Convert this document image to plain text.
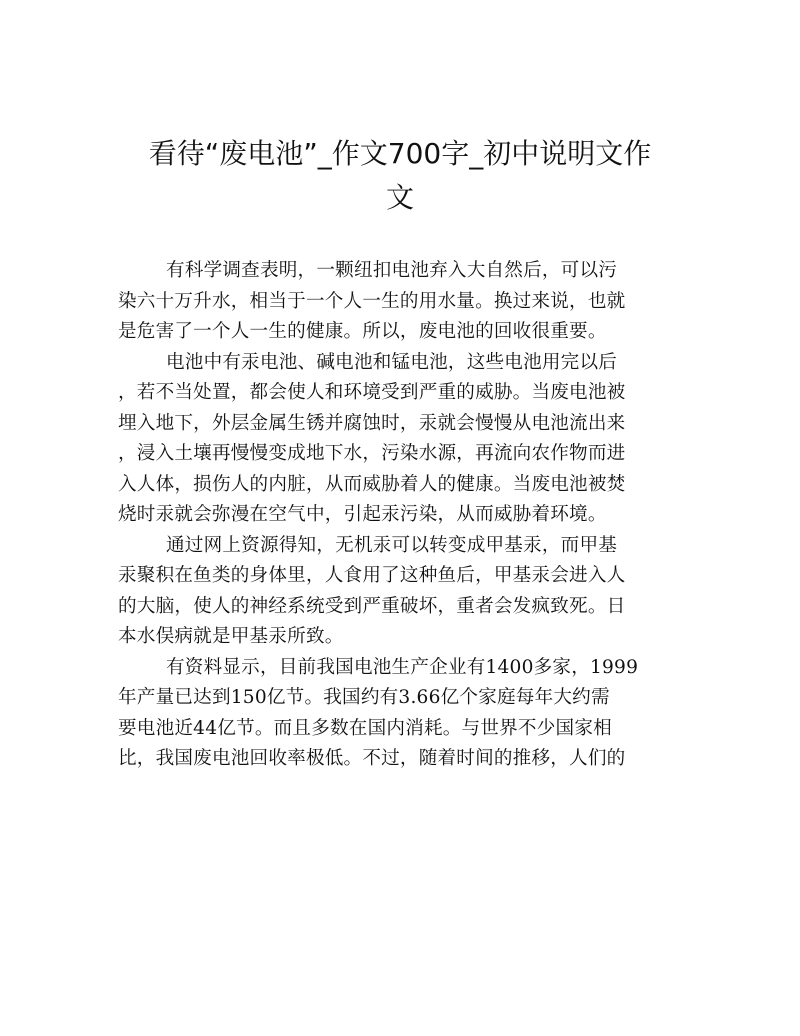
看待“废电池”_作文700字_初中说明文作
文

有科学调查表明，一颗纽扣电池弃入大自然后，可以污
染六十万升水，相当于一个人一生的用水量。换过来说，也就
是危害了一个人一生的健康。所以，废电池的回收很重要。

电池中有汞电池、碱电池和锰电池，这些电池用完以后
，若不当处置，都会使人和环境受到严重的威胁。当废电池被
埋入地下，外层金属生锈并腐蚀时，汞就会慢慢从电池流出来
，浸入土壤再慢慢变成地下水，污染水源，再流向农作物而进
入人体，损伤人的内脏，从而威胁着人的健康。当废电池被焚
烧时汞就会弥漫在空气中，引起汞污染，从而威胁着环境。

通过网上资源得知，无机汞可以转变成甲基汞，而甲基
汞聚积在鱼类的身体里，人食用了这种鱼后，甲基汞会进入人
的大脑，使人的神经系统受到严重破坏，重者会发疯致死。日
本水俣病就是甲基汞所致。

有资料显示，目前我国电池生产企业有1400多家，1999
年产量已达到150亿节。我国约有3.66亿个家庭每年大约需
要电池近44亿节。而且多数在国内消耗。与世界不少国家相
比，我国废电池回收率极低。不过，随着时间的推移，人们的
